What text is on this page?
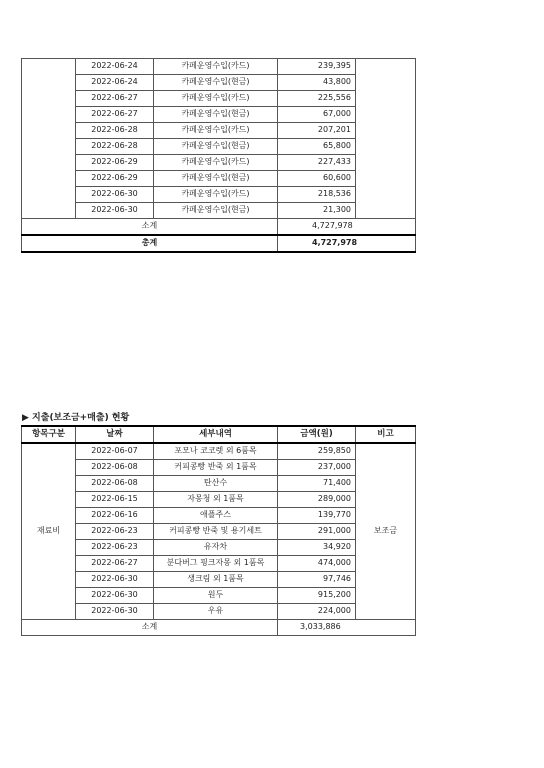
	2022-06-24	카페운영수입(카드)	239,395	
	2022-06-24	카페운영수입(현금)	43,800	
	2022-06-27	카페운영수입(카드)	225,556	
	2022-06-27	카페운영수입(현금)	67,000	
	2022-06-28	카페운영수입(카드)	207,201	
	2022-06-28	카페운영수입(현금)	65,800	
	2022-06-29	카페운영수입(카드)	227,433	
	2022-06-29	카페운영수입(현금)	60,600	
	2022-06-30	카페운영수입(카드)	218,536	
	2022-06-30	카페운영수입(현금)	21,300	
소계			4,727,978	
총계			4,727,978	
▶ 지출(보조금+매출) 현황
항목구분	날짜	세부내역	금액(원)	비고
재료비	2022-06-07	포모나 코코렛 외 6품목	259,850	보조금
	2022-06-08	커피콩빵 반죽 외 1품목	237,000	
	2022-06-08	탄산수	71,400	
	2022-06-15	자몽청 외 1품목	289,000	
	2022-06-16	애플주스	139,770	
	2022-06-23	커피콩빵 반죽 및 용기세트	291,000	
	2022-06-23	유자차	34,920	
	2022-06-27	분다버그 핑크자몽 외 1품목	474,000	
	2022-06-30	생크림 외 1품목	97,746	
	2022-06-30	원두	915,200	
	2022-06-30	우유	224,000	
소계			3,033,886	
